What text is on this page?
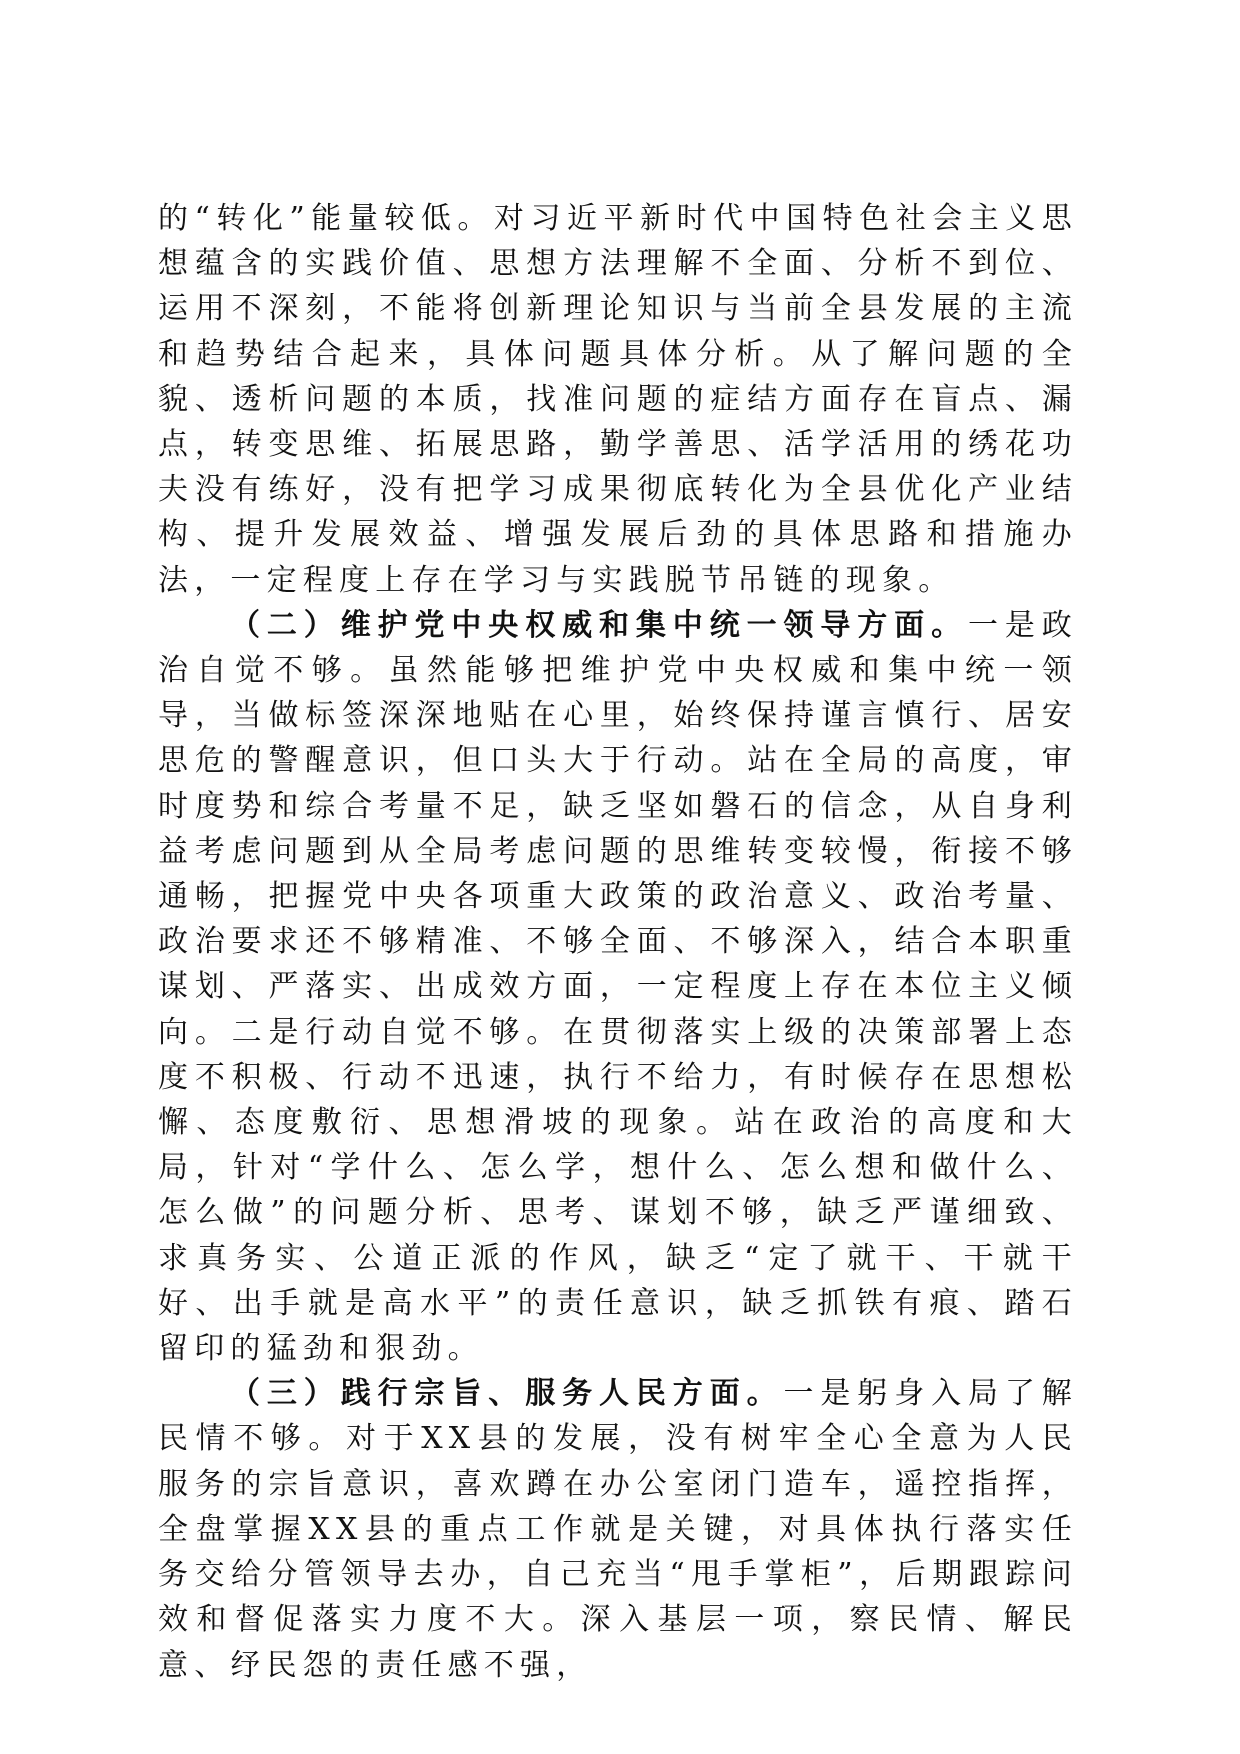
的“转化”能量较低。对习近平新时代中国特色社会主义思想蕴含的实践价值、思想方法理解不全面、分析不到位、运用不深刻，不能将创新理论知识与当前全县发展的主流和趋势结合起来，具体问题具体分析。从了解问题的全貌、透析问题的本质，找准问题的症结方面存在盲点、漏点，转变思维、拓展思路，勤学善思、活学活用的绣花功夫没有练好，没有把学习成果彻底转化为全县优化产业结构、提升发展效益、增强发展后劲的具体思路和措施办法，一定程度上存在学习与实践脱节吊链的现象。

（二）维护党中央权威和集中统一领导方面。一是政治自觉不够。虽然能够把维护党中央权威和集中统一领导，当做标签深深地贴在心里，始终保持谨言慎行、居安思危的警醒意识，但口头大于行动。站在全局的高度，审时度势和综合考量不足，缺乏坚如磐石的信念，从自身利益考虑问题到从全局考虑问题的思维转变较慢，衔接不够通畅，把握党中央各项重大政策的政治意义、政治考量、政治要求还不够精准、不够全面、不够深入，结合本职重谋划、严落实、出成效方面，一定程度上存在本位主义倾向。二是行动自觉不够。在贯彻落实上级的决策部署上态度不积极、行动不迅速，执行不给力，有时候存在思想松懈、态度敷衍、思想滑坡的现象。站在政治的高度和大局，针对“学什么、怎么学，想什么、怎么想和做什么、怎么做”的问题分析、思考、谋划不够，缺乏严谨细致、求真务实、公道正派的作风，缺乏“定了就干、干就干好、出手就是高水平”的责任意识，缺乏抓铁有痕、踏石留印的猛劲和狠劲。

（三）践行宗旨、服务人民方面。一是躬身入局了解民情不够。对于XX县的发展，没有树牢全心全意为人民服务的宗旨意识，喜欢蹲在办公室闭门造车，遥控指挥，全盘掌握XX县的重点工作就是关键，对具体执行落实任务交给分管领导去办，自己充当“甩手掌柜”，后期跟踪问效和督促落实力度不大。深入基层一项，察民情、解民意、纾民怨的责任感不强，
